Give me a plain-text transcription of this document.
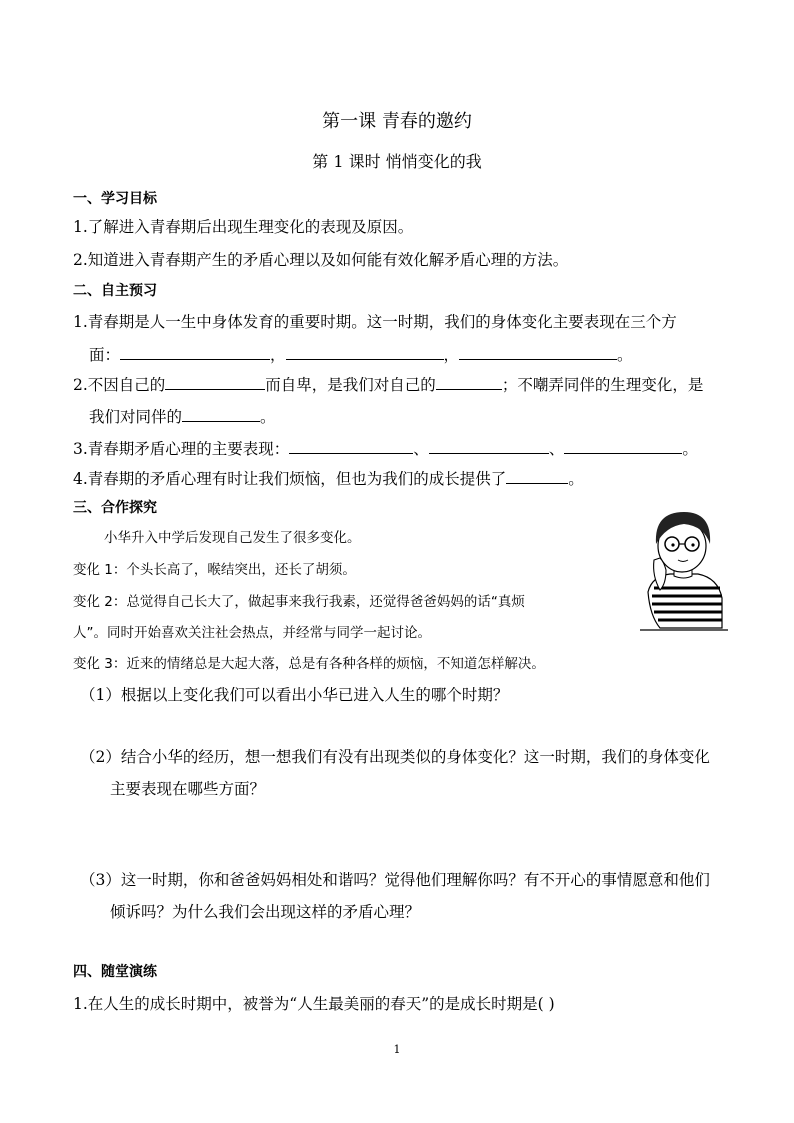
第一课 青春的邀约
第 1 课时 悄悄变化的我
一、学习目标
1.了解进入青春期后出现生理变化的表现及原因。
2.知道进入青春期产生的矛盾心理以及如何能有效化解矛盾心理的方法。
二、自主预习
1.青春期是人一生中身体发育的重要时期。这一时期，我们的身体变化主要表现在三个方
面：	，	，	。
2.不因自己的	而自卑，是我们对自己的	；不嘲弄同伴的生理变化，是
我们对同伴的	。
3.青春期矛盾心理的主要表现：	、	、	。
4.青春期的矛盾心理有时让我们烦恼，但也为我们的成长提供了	。
三、合作探究
小华升入中学后发现自己发生了很多变化。
变化 1：个头长高了，喉结突出，还长了胡须。
变化 2：总觉得自己长大了，做起事来我行我素，还觉得爸爸妈妈的话“真烦
人”。同时开始喜欢关注社会热点，并经常与同学一起讨论。
变化 3：近来的情绪总是大起大落，总是有各种各样的烦恼，不知道怎样解决。
（1）根据以上变化我们可以看出小华已进入人生的哪个时期？
（2）结合小华的经历，想一想我们有没有出现类似的身体变化？这一时期，我们的身体变化
主要表现在哪些方面？
（3）这一时期，你和爸爸妈妈相处和谐吗？觉得他们理解你吗？有不开心的事情愿意和他们
倾诉吗？为什么我们会出现这样的矛盾心理？
四、随堂演练
1.在人生的成长时期中，被誉为“人生最美丽的春天”的是成长时期是( )
1
